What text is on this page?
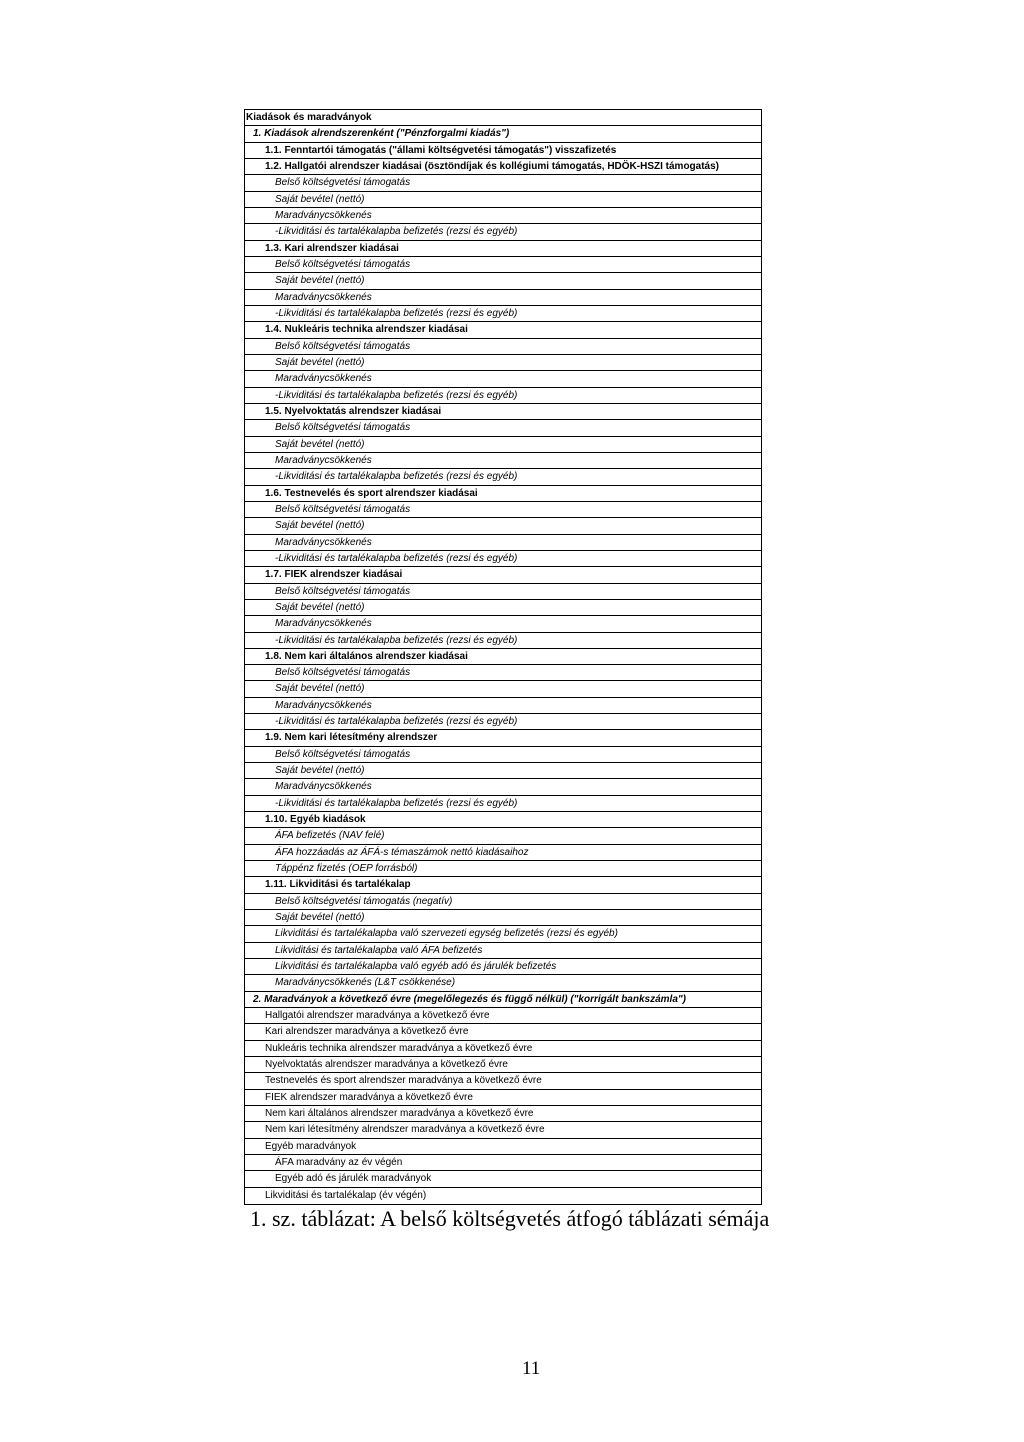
Kiadások és maradványok
1. Kiadások alrendszerenként ("Pénzforgalmi kiadás")
1.1. Fenntartói támogatás ("állami költségvetési támogatás") visszafizetés
1.2. Hallgatói alrendszer kiadásai (ösztöndíjak és kollégiumi támogatás, HDÖK-HSZI támogatás)
Belső költségvetési támogatás
Saját bevétel (nettó)
Maradványcsökkenés
-Likviditási és tartalékalapba befizetés (rezsi és egyéb)
1.3. Kari alrendszer kiadásai
Belső költségvetési támogatás
Saját bevétel (nettó)
Maradványcsökkenés
-Likviditási és tartalékalapba befizetés (rezsi és egyéb)
1.4. Nukleáris technika alrendszer kiadásai
Belső költségvetési támogatás
Saját bevétel (nettó)
Maradványcsökkenés
-Likviditási és tartalékalapba befizetés (rezsi és egyéb)
1.5. Nyelvoktatás alrendszer kiadásai
Belső költségvetési támogatás
Saját bevétel (nettó)
Maradványcsökkenés
-Likviditási és tartalékalapba befizetés (rezsi és egyéb)
1.6. Testnevelés és sport alrendszer kiadásai
Belső költségvetési támogatás
Saját bevétel (nettó)
Maradványcsökkenés
-Likviditási és tartalékalapba befizetés (rezsi és egyéb)
1.7. FIEK alrendszer kiadásai
Belső költségvetési támogatás
Saját bevétel (nettó)
Maradványcsökkenés
-Likviditási és tartalékalapba befizetés (rezsi és egyéb)
1.8. Nem kari általános alrendszer kiadásai
Belső költségvetési támogatás
Saját bevétel (nettó)
Maradványcsökkenés
-Likviditási és tartalékalapba befizetés (rezsi és egyéb)
1.9. Nem kari létesítmény alrendszer
Belső költségvetési támogatás
Saját bevétel (nettó)
Maradványcsökkenés
-Likviditási és tartalékalapba befizetés (rezsi és egyéb)
1.10. Egyéb kiadások
ÁFA befizetés (NAV felé)
ÁFA hozzáadás az ÁFÁ-s témaszámok nettó kiadásaihoz
Táppénz fizetés (OEP forrásból)
1.11. Likviditási és tartalékalap
Belső költségvetési támogatás (negatív)
Saját bevétel (nettó)
Likviditási és tartalékalapba való szervezeti egység befizetés (rezsi és egyéb)
Likviditási és tartalékalapba való ÁFA befizetés
Likviditási és tartalékalapba való egyéb adó és járulék befizetés
Maradványcsökkenés (L&T csökkenése)
2. Maradványok a következő évre (megelőlegezés és függő nélkül) ("korrigált bankszámla")
Hallgatói alrendszer maradványa a következő évre
Kari alrendszer maradványa a következő évre
Nukleáris technika alrendszer maradványa a következő évre
Nyelvoktatás alrendszer maradványa a következő évre
Testnevelés és sport alrendszer maradványa a következő évre
FIEK alrendszer maradványa a következő évre
Nem kari általános alrendszer maradványa a következő évre
Nem kari létesítmény alrendszer maradványa a következő évre
Egyéb maradványok
ÁFA maradvány az év végén
Egyéb adó és járulék maradványok
Likviditási és tartalékalap (év végén)
1. sz. táblázat: A belső költségvetés átfogó táblázati sémája
11
